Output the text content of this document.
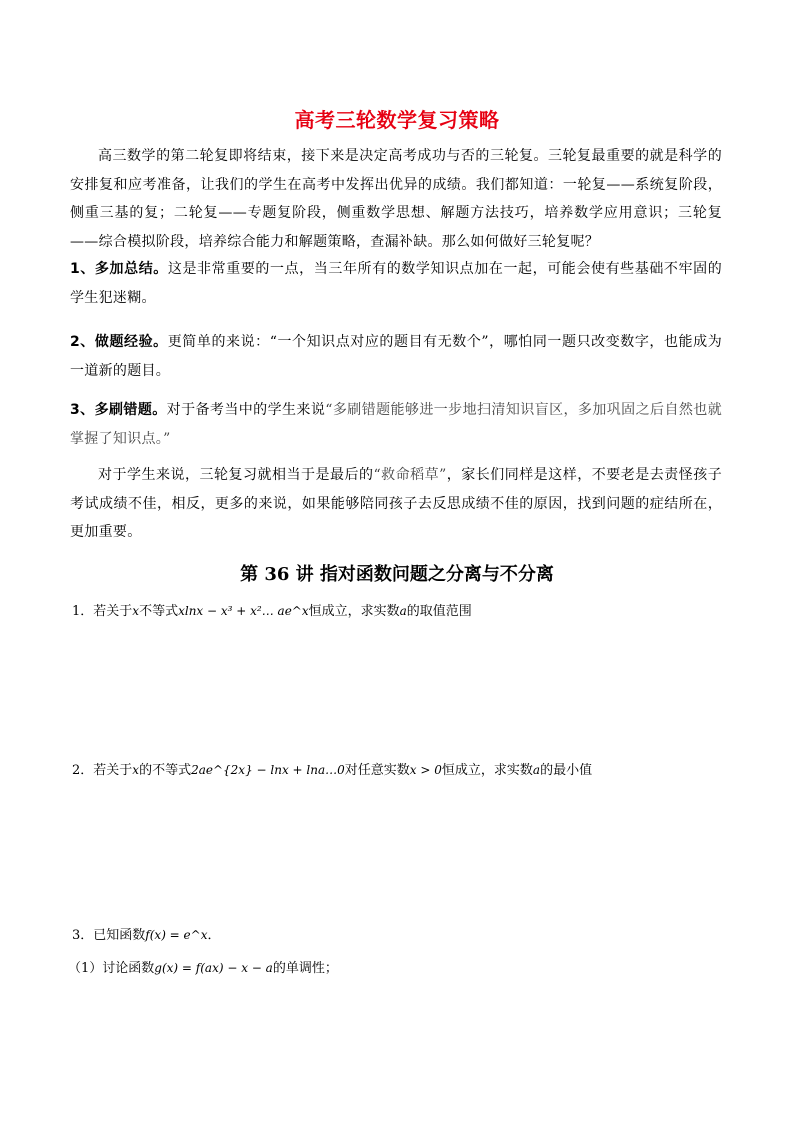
高考三轮数学复习策略
高三数学的第二轮复即将结束，接下来是决定高考成功与否的三轮复。三轮复最重要的就是科学的安排复和应考准备，让我们的学生在高考中发挥出优异的成绩。我们都知道：一轮复——系统复阶段，侧重三基的复；二轮复——专题复阶段，侧重数学思想、解题方法技巧，培养数学应用意识；三轮复——综合模拟阶段，培养综合能力和解题策略，查漏补缺。那么如何做好三轮复呢？
1、多加总结。这是非常重要的一点，当三年所有的数学知识点加在一起，可能会使有些基础不牢固的学生犯迷糊。
2、做题经验。更简单的来说：“一个知识点对应的题目有无数个”，哪怕同一题只改变数字，也能成为一道新的题目。
3、多刷错题。对于备考当中的学生来说“多刷错题能够进一步地扫清知识盲区，多加巩固之后自然也就掌握了知识点。”
对于学生来说，三轮复习就相当于是最后的“救命稻草”，家长们同样是这样，不要老是去责怪孩子考试成绩不佳，相反，更多的来说，如果能够陪同孩子去反思成绩不佳的原因，找到问题的症结所在，更加重要。
第 36 讲 指对函数问题之分离与不分离
1．若关于x不等式xlnx − x³ + x²… ae^x恒成立，求实数a的取值范围
2．若关于x的不等式2ae^{2x} − lnx + lna…0对任意实数x > 0恒成立，求实数a的最小值
3．已知函数f(x) = e^x．
（1）讨论函数g(x) = f(ax) − x − a的单调性；
